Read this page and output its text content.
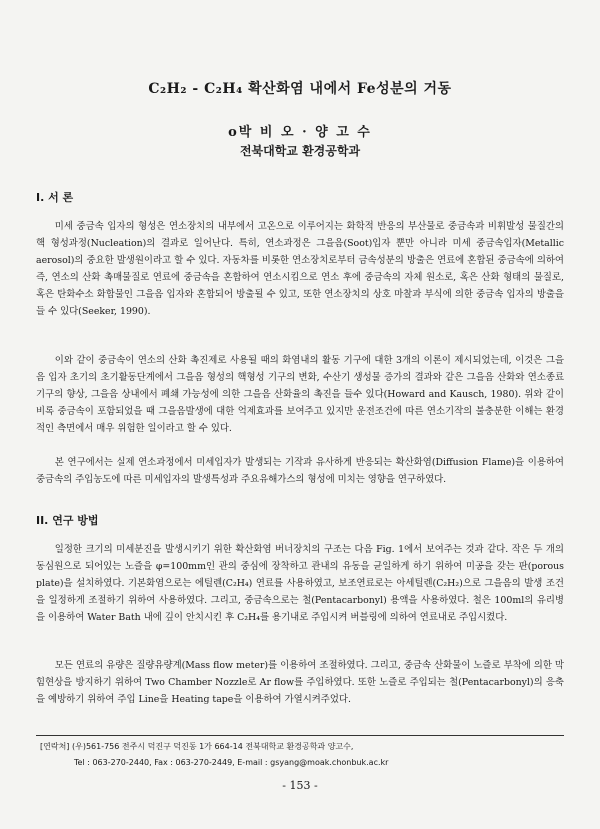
C₂H₂ - C₂H₄ 확산화염 내에서 Fe성분의 거동
o박 비 오 · 양 고 수
전북대학교 환경공학과
I. 서 론

미세 중금속 입자의 형성은 연소장치의 내부에서 고온으로 이루어지는 화학적 반응의 부산물로 중금속과 비휘발성 물질간의 핵 형성과정(Nucleation)의 결과로 일어난다. 특히, 연소과정은 그을음(Soot)입자 뿐만 아니라 미세 중금속입자(Metallic aerosol)의 중요한 발생원이라고 할 수 있다. 자동차를 비롯한 연소장치로부터 금속성분의 방출은 연료에 혼합된 중금속에 의하여 즉, 연소의 산화 촉매물질로 연료에 중금속을 혼합하여 연소시킴으로 연소 후에 중금속의 자체 원소로, 혹은 산화 형태의 물질로, 혹은 탄화수소 화합물인 그을음 입자와 혼합되어 방출될 수 있고, 또한 연소장치의 상호 마찰과 부식에 의한 중금속 입자의 방출을 들 수 있다(Seeker, 1990).

이와 같이 중금속이 연소의 산화 촉진제로 사용될 때의 화염내의 활동 기구에 대한 3개의 이론이 제시되었는데, 이것은 그을음 입자 초기의 초기활동단계에서 그을음 형성의 핵형성 기구의 변화, 수산기 생성물 증가의 결과와 같은 그을음 산화와 연소종료 기구의 향상, 그을음 상내에서 폐쇄 가능성에 의한 그을음 산화율의 촉진을 들수 있다(Howard and Kausch, 1980). 위와 같이 비록 중금속이 포함되었을 때 그을음발생에 대한 억제효과를 보여주고 있지만 운전조건에 따른 연소기작의 불충분한 이해는 환경적인 측면에서 매우 위험한 일이라고 할 수 있다.

본 연구에서는 실제 연소과정에서 미세입자가 발생되는 기작과 유사하게 반응되는 확산화염(Diffusion Flame)을 이용하여 중금속의 주입농도에 따른 미세입자의 발생특성과 주요유해가스의 형성에 미치는 영향을 연구하였다.

II. 연구 방법

일정한 크기의 미세분진을 발생시키기 위한 확산화염 버너장치의 구조는 다음 Fig. 1에서 보여주는 것과 같다. 작은 두 개의 동심원으로 되어있는 노즐을 φ=100mm인 관의 중심에 장착하고 관내의 유동을 균일하게 하기 위하여 미공을 갖는 판(porous plate)을 설치하였다. 기본화염으로는 에틸렌(C₂H₄) 연료를 사용하였고, 보조연료로는 아세틸렌(C₂H₂)으로 그을음의 발생 조건을 일정하게 조절하기 위하여 사용하였다. 그리고, 중금속으로는 철(Pentacarbonyl) 용액을 사용하였다. 철은 100ml의 유리병을 이용하여 Water Bath 내에 깊이 안치시킨 후 C₂H₄를 용기내로 주입시켜 버블링에 의하여 연료내로 주입시켰다.

모든 연료의 유량은 질량유량계(Mass flow meter)를 이용하여 조절하였다. 그리고, 중금속 산화물이 노즐로 부착에 의한 막힘현상을 방지하기 위하여 Two Chamber Nozzle로 Ar flow를 주입하였다. 또한 노즐로 주입되는 철(Pentacarbonyl)의 응축을 예방하기 위하여 주입 Line을 Heating tape을 이용하여 가열시켜주었다.

[연락처] (우)561-756 전주시 덕진구 덕진동 1가 664-14 전북대학교 환경공학과 양고수,
Tel : 063-270-2440, Fax : 063-270-2449, E-mail : gsyang@moak.chonbuk.ac.kr
- 153 -
